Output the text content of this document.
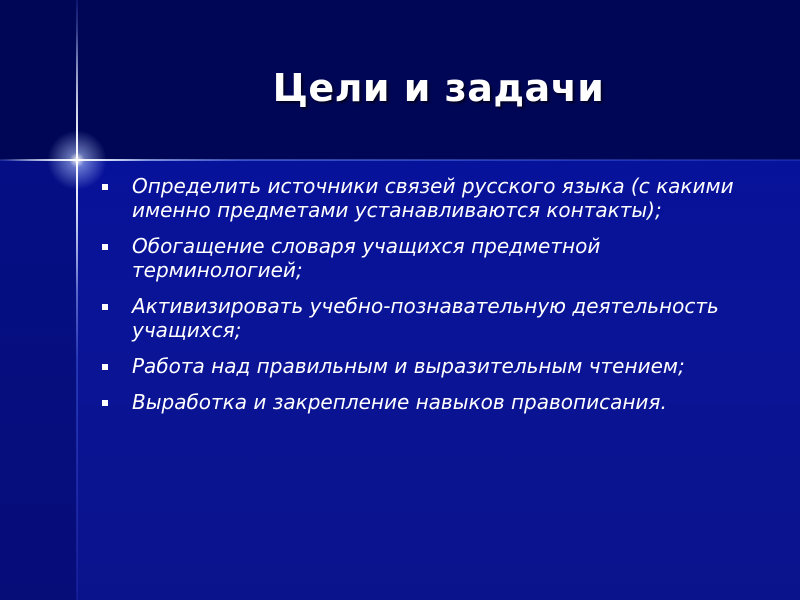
Цели и задачи
Определить источники связей русского языка (с какими именно предметами устанавливаются контакты);
Обогащение словаря учащихся предметной терминологией;
Активизировать учебно-познавательную деятельность учащихся;
Работа над правильным и выразительным чтением;
Выработка и закрепление навыков правописания.
